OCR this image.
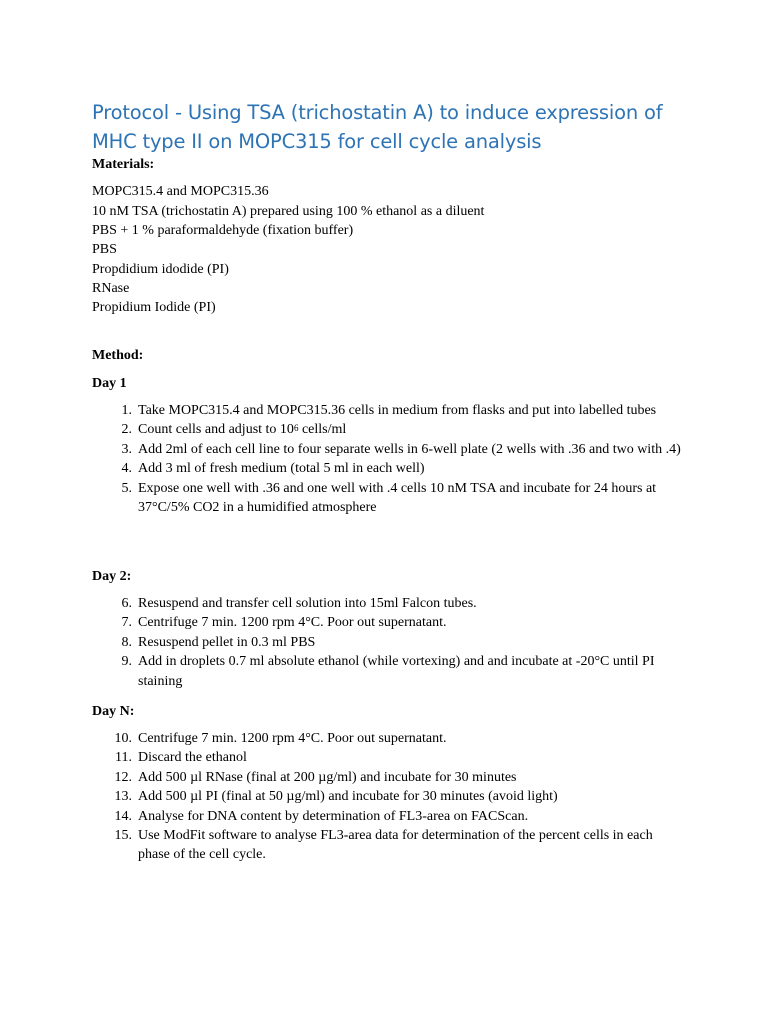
Protocol - Using TSA (trichostatin A) to induce expression of MHC type II on MOPC315 for cell cycle analysis
Materials:
MOPC315.4 and MOPC315.36
10 nM TSA (trichostatin A) prepared using 100 % ethanol as a diluent
PBS + 1 % paraformaldehyde (fixation buffer)
PBS
Propdidium idodide (PI)
RNase
Propidium Iodide (PI)
Method:
Day 1
1. Take MOPC315.4 and MOPC315.36 cells in medium from flasks and put into labelled tubes
2. Count cells and adjust to $10^6$ cells/ml
3. Add 2ml of each cell line to four separate wells in 6-well plate (2 wells with .36 and two with .4)
4. Add 3 ml of fresh medium (total 5 ml in each well)
5. Expose one well with .36 and one well with .4 cells 10 nM TSA and incubate for 24 hours at 37°C/5% CO2 in a humidified atmosphere
Day 2:
6. Resuspend and transfer cell solution into 15ml Falcon tubes.
7. Centrifuge 7 min. 1200 rpm 4°C. Poor out supernatant.
8. Resuspend pellet in 0.3 ml PBS
9. Add in droplets 0.7 ml absolute ethanol (while vortexing) and and incubate at -20°C until PI staining
Day N:
10. Centrifuge 7 min. 1200 rpm 4°C. Poor out supernatant.
11. Discard the ethanol
12. Add 500 µl RNase (final at 200 µg/ml) and incubate for 30 minutes
13. Add 500 µl PI (final at 50 µg/ml) and incubate for 30 minutes (avoid light)
14. Analyse for DNA content by determination of FL3-area on FACScan.
15. Use ModFit software to analyse FL3-area data for determination of the percent cells in each phase of the cell cycle.
